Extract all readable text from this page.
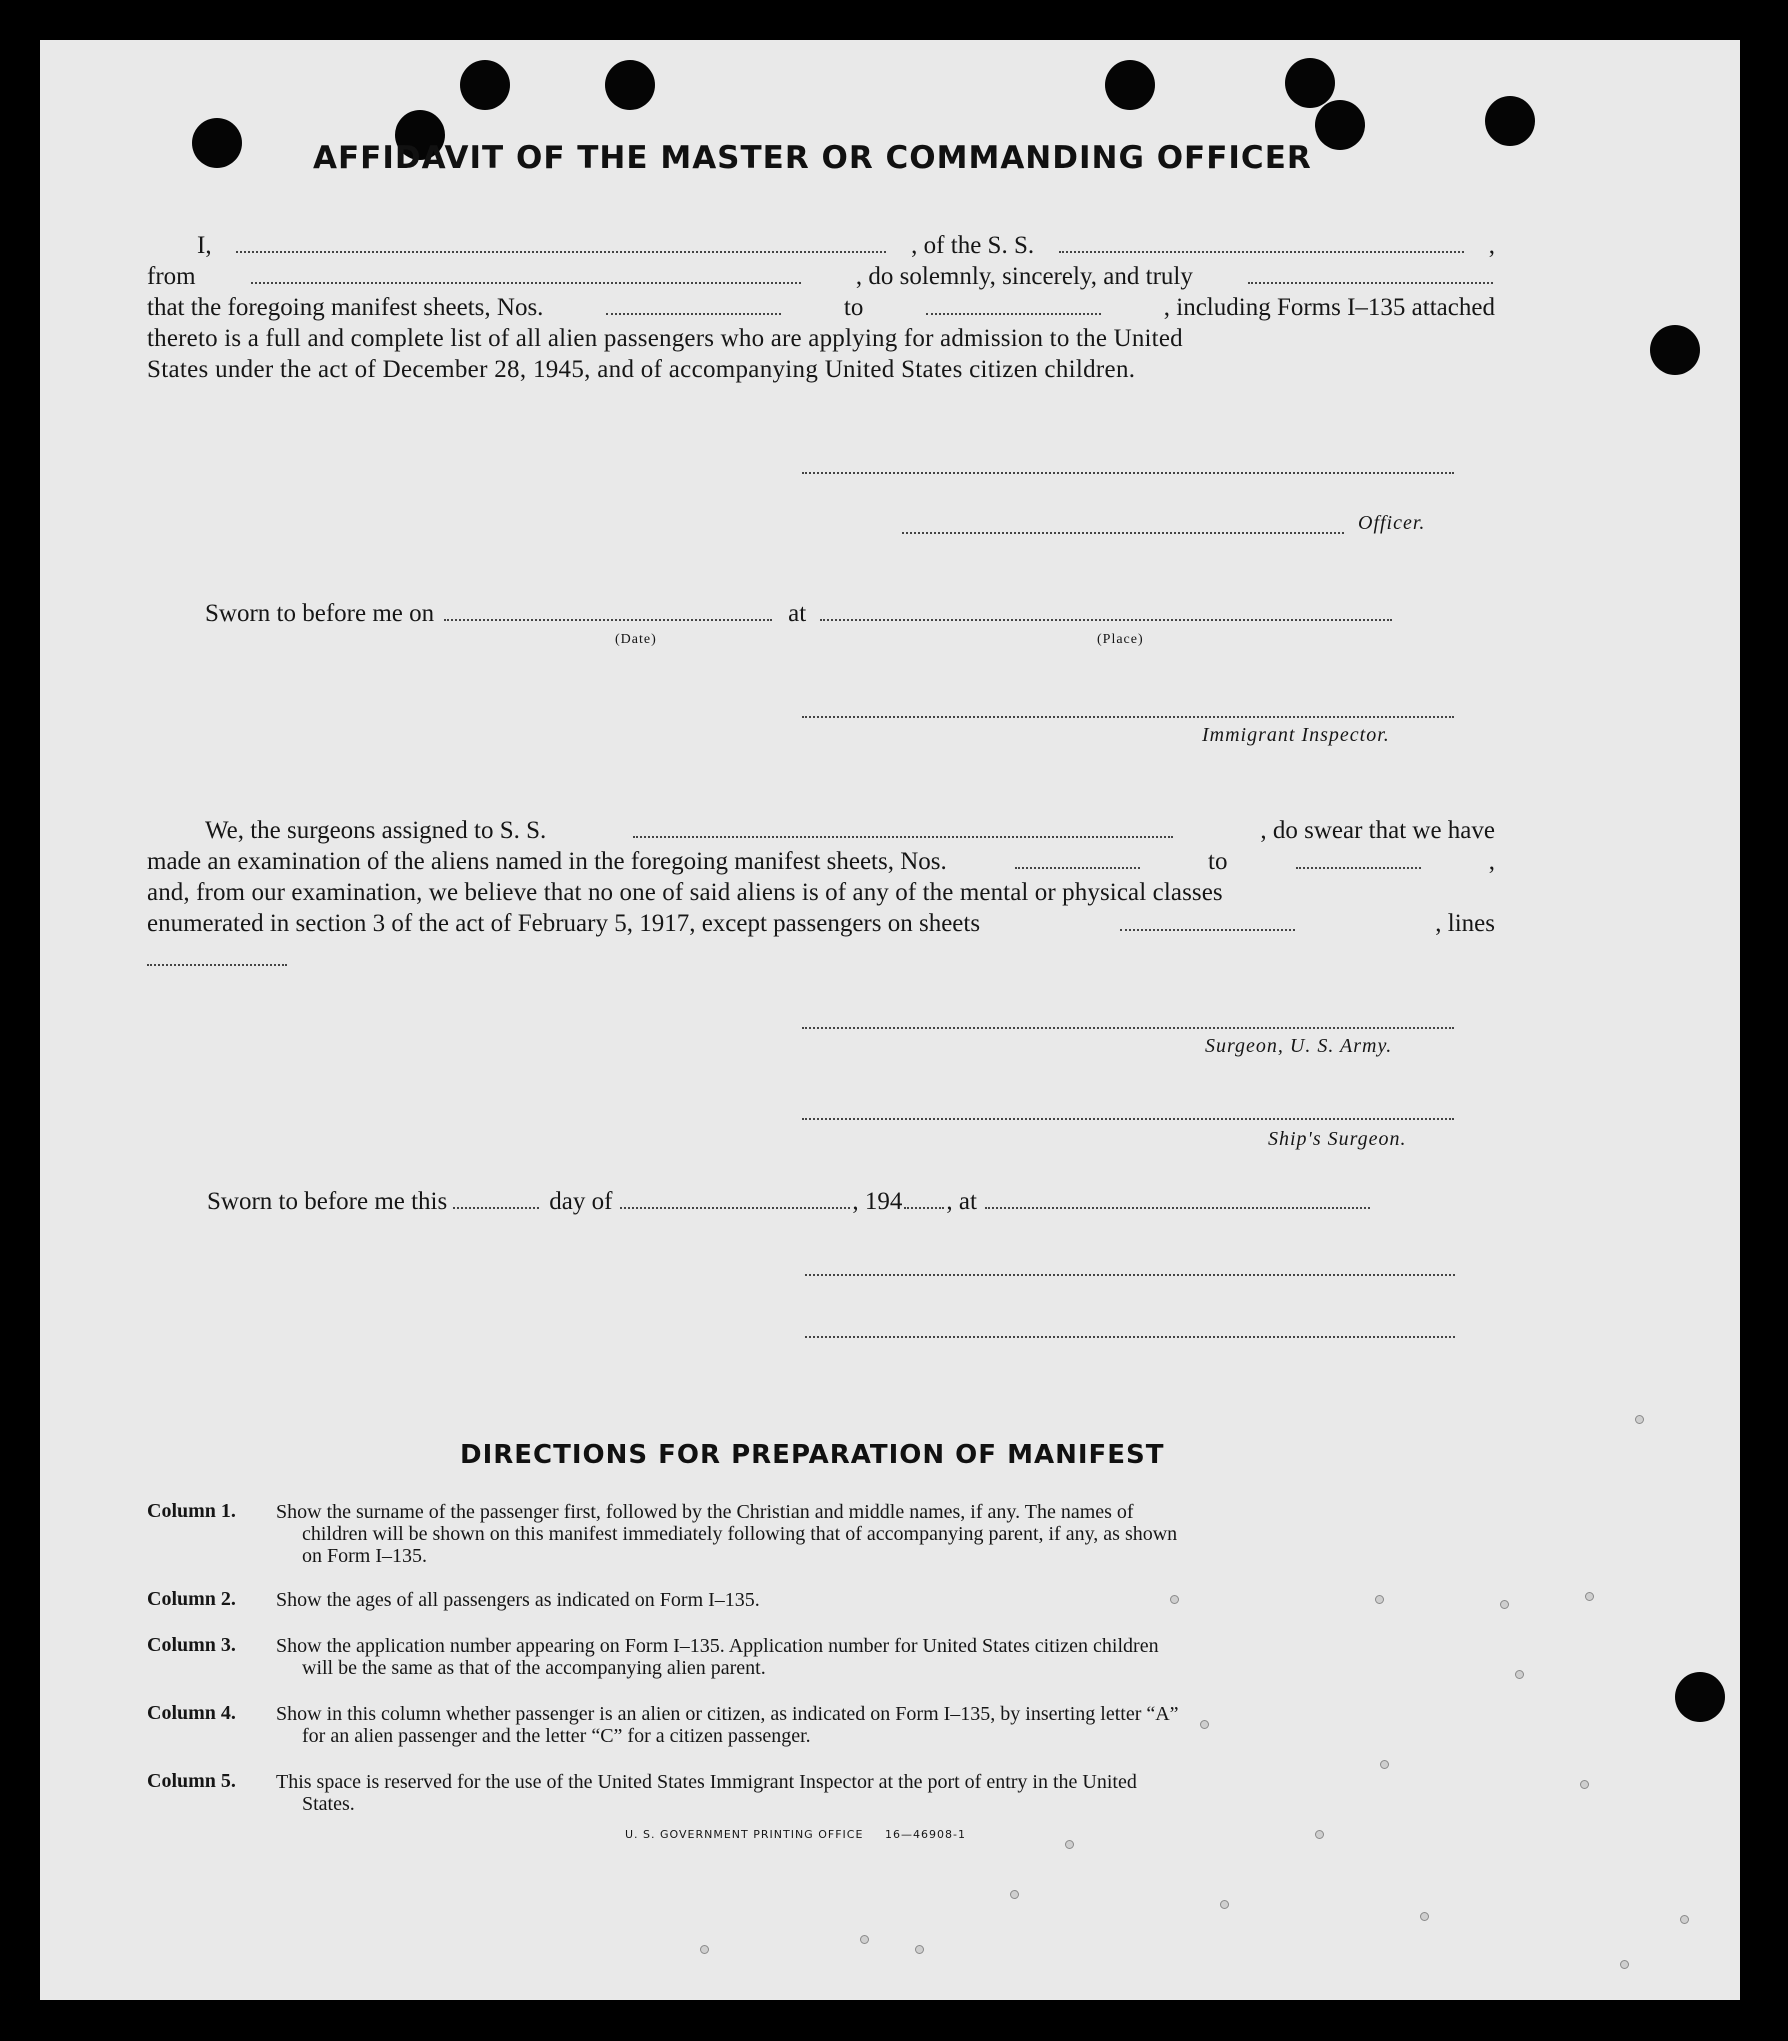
AFFIDAVIT OF THE MASTER OR COMMANDING OFFICER
I,	, of the S. S.	,
from	, do solemnly, sincerely, and truly
that the foregoing manifest sheets, Nos.	to	, including Forms I–135 attached
thereto is a full and complete list of all alien passengers who are applying for admission to the United
States under the act of December 28, 1945, and of accompanying United States citizen children.
Officer.
Sworn to before me on	at
(Date)	(Place)
Immigrant Inspector.
We, the surgeons assigned to S. S.	, do swear that we have
made an examination of the aliens named in the foregoing manifest sheets, Nos.	to	,
and, from our examination, we believe that no one of said aliens is of any of the mental or physical classes
enumerated in section 3 of the act of February 5, 1917, except passengers on sheets	, lines
Surgeon, U. S. Army.
Ship's Surgeon.
Sworn to before me this	day of	, 194 , at
DIRECTIONS FOR PREPARATION OF MANIFEST
Column 1. Show the surname of the passenger first, followed by the Christian and middle names, if any. The names of
children will be shown on this manifest immediately following that of accompanying parent, if any, as shown
on Form I–135.
Column 2. Show the ages of all passengers as indicated on Form I–135.
Column 3. Show the application number appearing on Form I–135. Application number for United States citizen children
will be the same as that of the accompanying alien parent.
Column 4. Show in this column whether passenger is an alien or citizen, as indicated on Form I–135, by inserting letter “A”
for an alien passenger and the letter “C” for a citizen passenger.
Column 5. This space is reserved for the use of the United States Immigrant Inspector at the port of entry in the United
States.
U. S. GOVERNMENT PRINTING OFFICE 16—46908-1
